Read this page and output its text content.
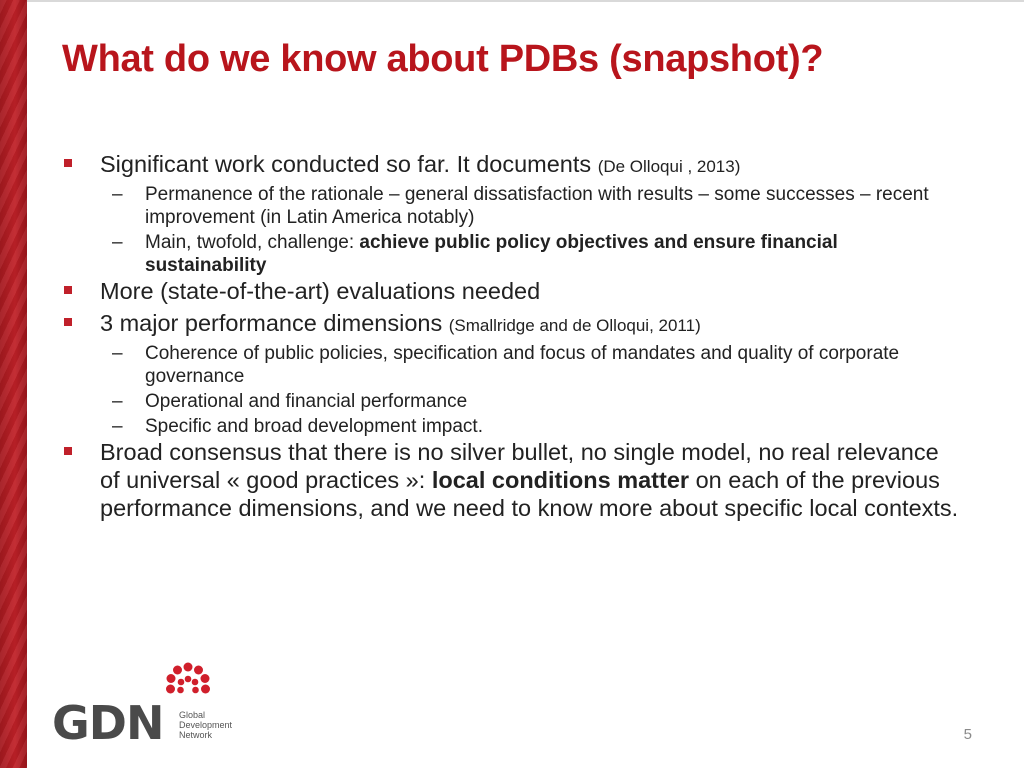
What do we know about PDBs (snapshot)?
Significant work conducted so far. It documents (De Olloqui , 2013)
– Permanence of the rationale – general dissatisfaction with results – some successes – recent improvement (in Latin America notably)
– Main, twofold, challenge: achieve public policy objectives and ensure financial sustainability
More (state-of-the-art) evaluations needed
3 major performance dimensions (Smallridge and de Olloqui, 2011)
– Coherence of public policies, specification and focus of mandates and quality of corporate governance
– Operational and financial performance
– Specific and broad development impact.
Broad consensus that there is no silver bullet, no single model, no real relevance of universal « good practices »: local conditions matter on each of the previous performance dimensions, and we need to know more about specific local contexts.
GDN Global
Development
Network	5
